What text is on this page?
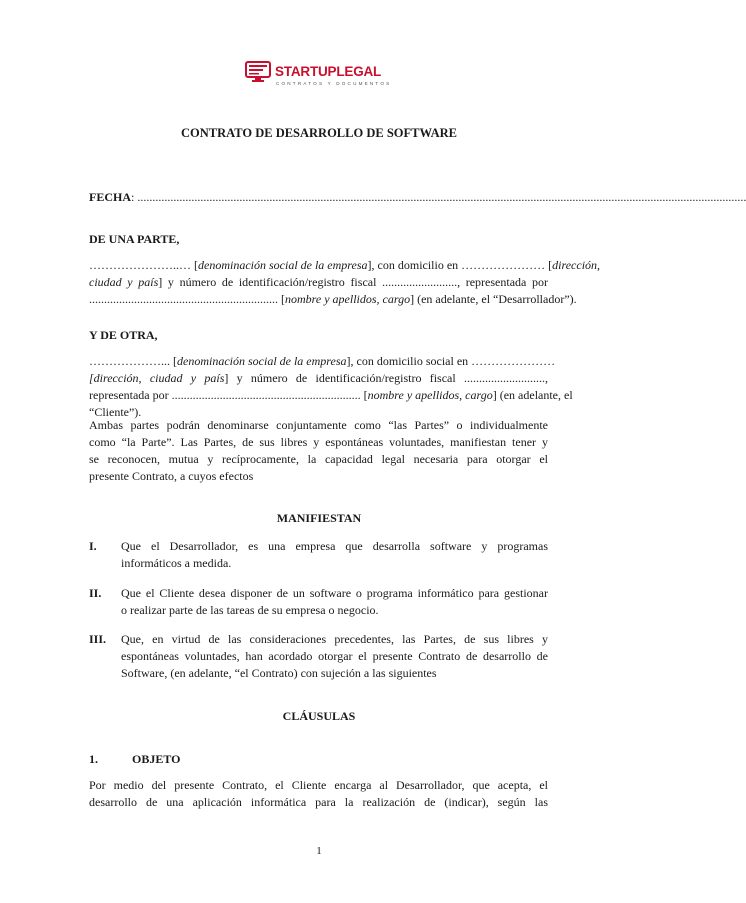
STARTUPLEGAL
CONTRATOS Y DOCUMENTOS
CONTRATO DE DESARROLLO DE SOFTWARE
FECHA: ...........................................................................................................................................................................................................
DE UNA PARTE,
…………………..… [denominación social de la empresa], con domicilio en ………………… [dirección,
ciudad y país] y número de identificación/registro fiscal ........................., representada por
............................................................... [nombre y apellidos, cargo] (en adelante, el “Desarrollador”).
Y DE OTRA,
………………... [denominación social de la empresa], con domicilio social en …………………
[dirección, ciudad y país] y número de identificación/registro fiscal ...........................,
representada por ............................................................... [nombre y apellidos, cargo] (en adelante, el
“Cliente”).
Ambas partes podrán denominarse conjuntamente como “las Partes” o individualmente
como “la Parte”. Las Partes, de sus libres y espontáneas voluntades, manifiestan tener y
se reconocen, mutua y recíprocamente, la capacidad legal necesaria para otorgar el
presente Contrato, a cuyos efectos
MANIFIESTAN
I. Que el Desarrollador, es una empresa que desarrolla software y programas
informáticos a medida.
II. Que el Cliente desea disponer de un software o programa informático para gestionar
o realizar parte de las tareas de su empresa o negocio.
III. Que, en virtud de las consideraciones precedentes, las Partes, de sus libres y
espontáneas voluntades, han acordado otorgar el presente Contrato de desarrollo de
Software, (en adelante, “el Contrato) con sujeción a las siguientes
CLÁUSULAS
1.	OBJETO
Por medio del presente Contrato, el Cliente encarga al Desarrollador, que acepta, el
desarrollo de una aplicación informática para la realización de (indicar), según las
1
